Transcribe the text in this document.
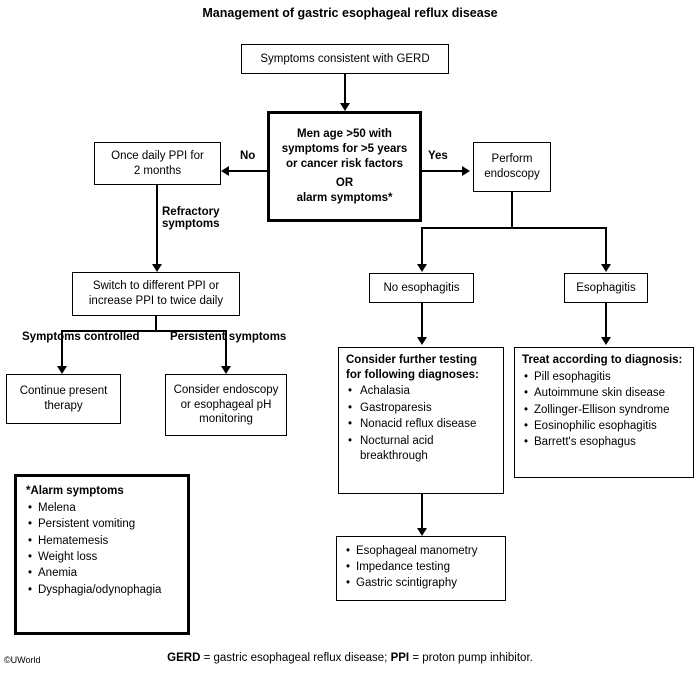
Management of gastric esophageal reflux disease
Symptoms consistent with GERD
Men age >50 with
symptoms for >5 years
or cancer risk factors
OR
alarm symptoms*
No
Once daily PPI for
2 months
Yes	Perform
endoscopy
Refractory
symptoms
Switch to different PPI or
increase PPI to twice daily
Symptoms controlled	Persistent symptoms
Continue present
therapy
Consider endoscopy
or esophageal pH
monitoring
No esophagitis	Esophagitis
Consider further testing
for following diagnoses:
• Achalasia
• Gastroparesis
• Nonacid reflux disease
• Nocturnal acid breakthrough
Treat according to diagnosis:
• Pill esophagitis
• Autoimmune skin disease
• Zollinger-Ellison syndrome
• Eosinophilic esophagitis
• Barrett's esophagus
• Esophageal manometry
• Impedance testing
• Gastric scintigraphy
*Alarm symptoms
• Melena
• Persistent vomiting
• Hematemesis
• Weight loss
• Anemia
• Dysphagia/odynophagia
GERD = gastric esophageal reflux disease; PPI = proton pump inhibitor.
©UWorld
